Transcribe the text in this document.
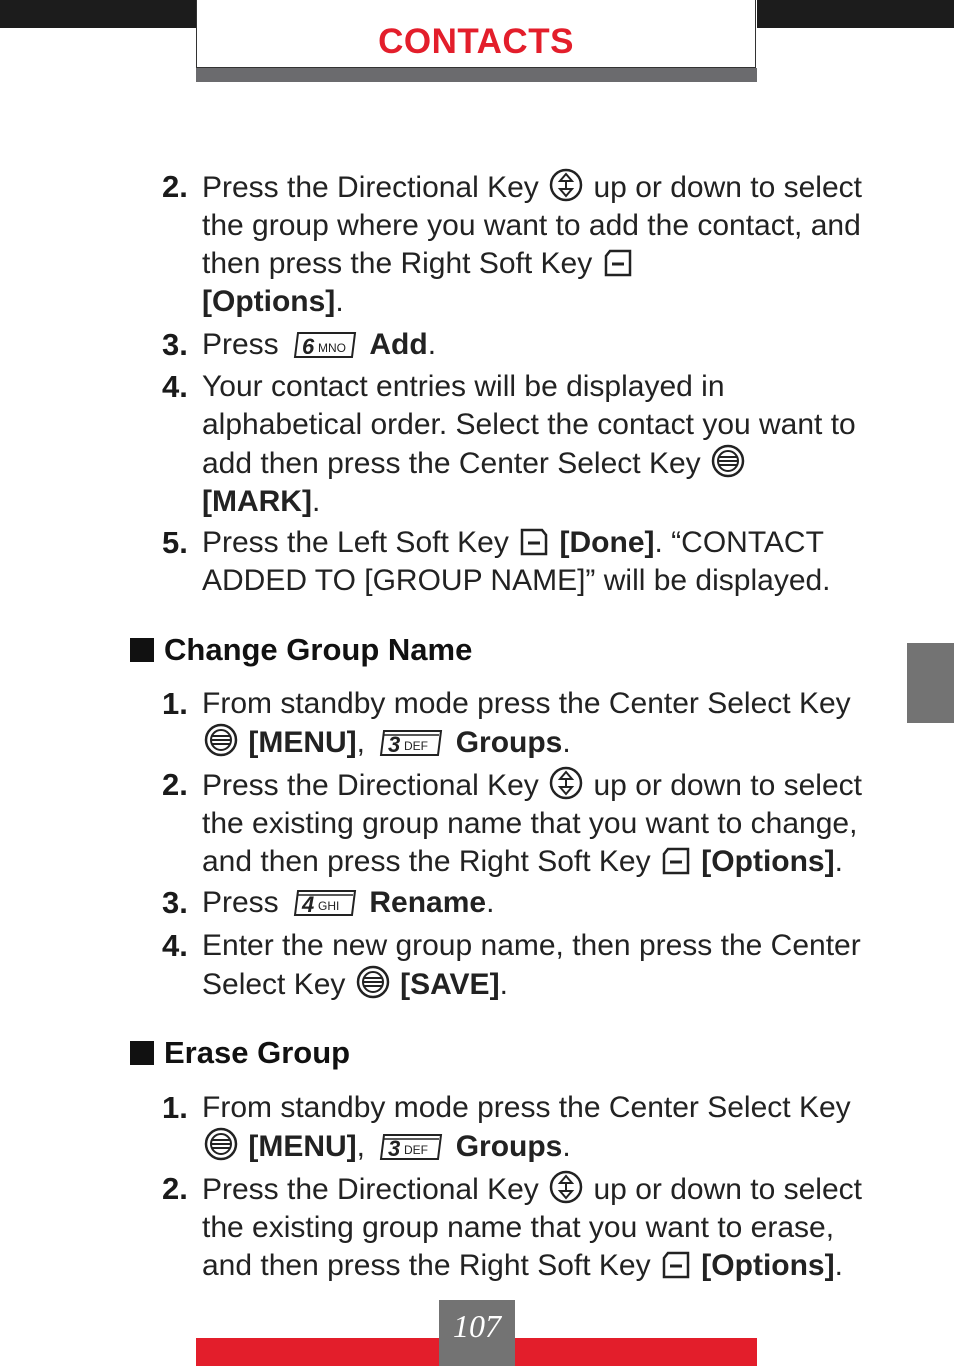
CONTACTS
2. Press the Directional Key up or down to select the group where you want to add the contact, and then press the Right Soft Key
[Options].
3. Press 6 MNO Add.
4. Your contact entries will be displayed in alphabetical order. Select the contact you want to add then press the Center Select Key
[MARK].
5. Press the Left Soft Key [Done]. “CONTACT ADDED TO [GROUP NAME]” will be displayed.
Change Group Name
1. From standby mode press the Center Select Key
[MENU], 3 DEF Groups.
2. Press the Directional Key up or down to select the existing group name that you want to change, and then press the Right Soft Key [Options].
3. Press 4 GHI Rename.
4. Enter the new group name, then press the Center Select Key [SAVE].
Erase Group
1. From standby mode press the Center Select Key
[MENU], 3 DEF Groups.
2. Press the Directional Key up or down to select the existing group name that you want to erase, and then press the Right Soft Key [Options].
107
